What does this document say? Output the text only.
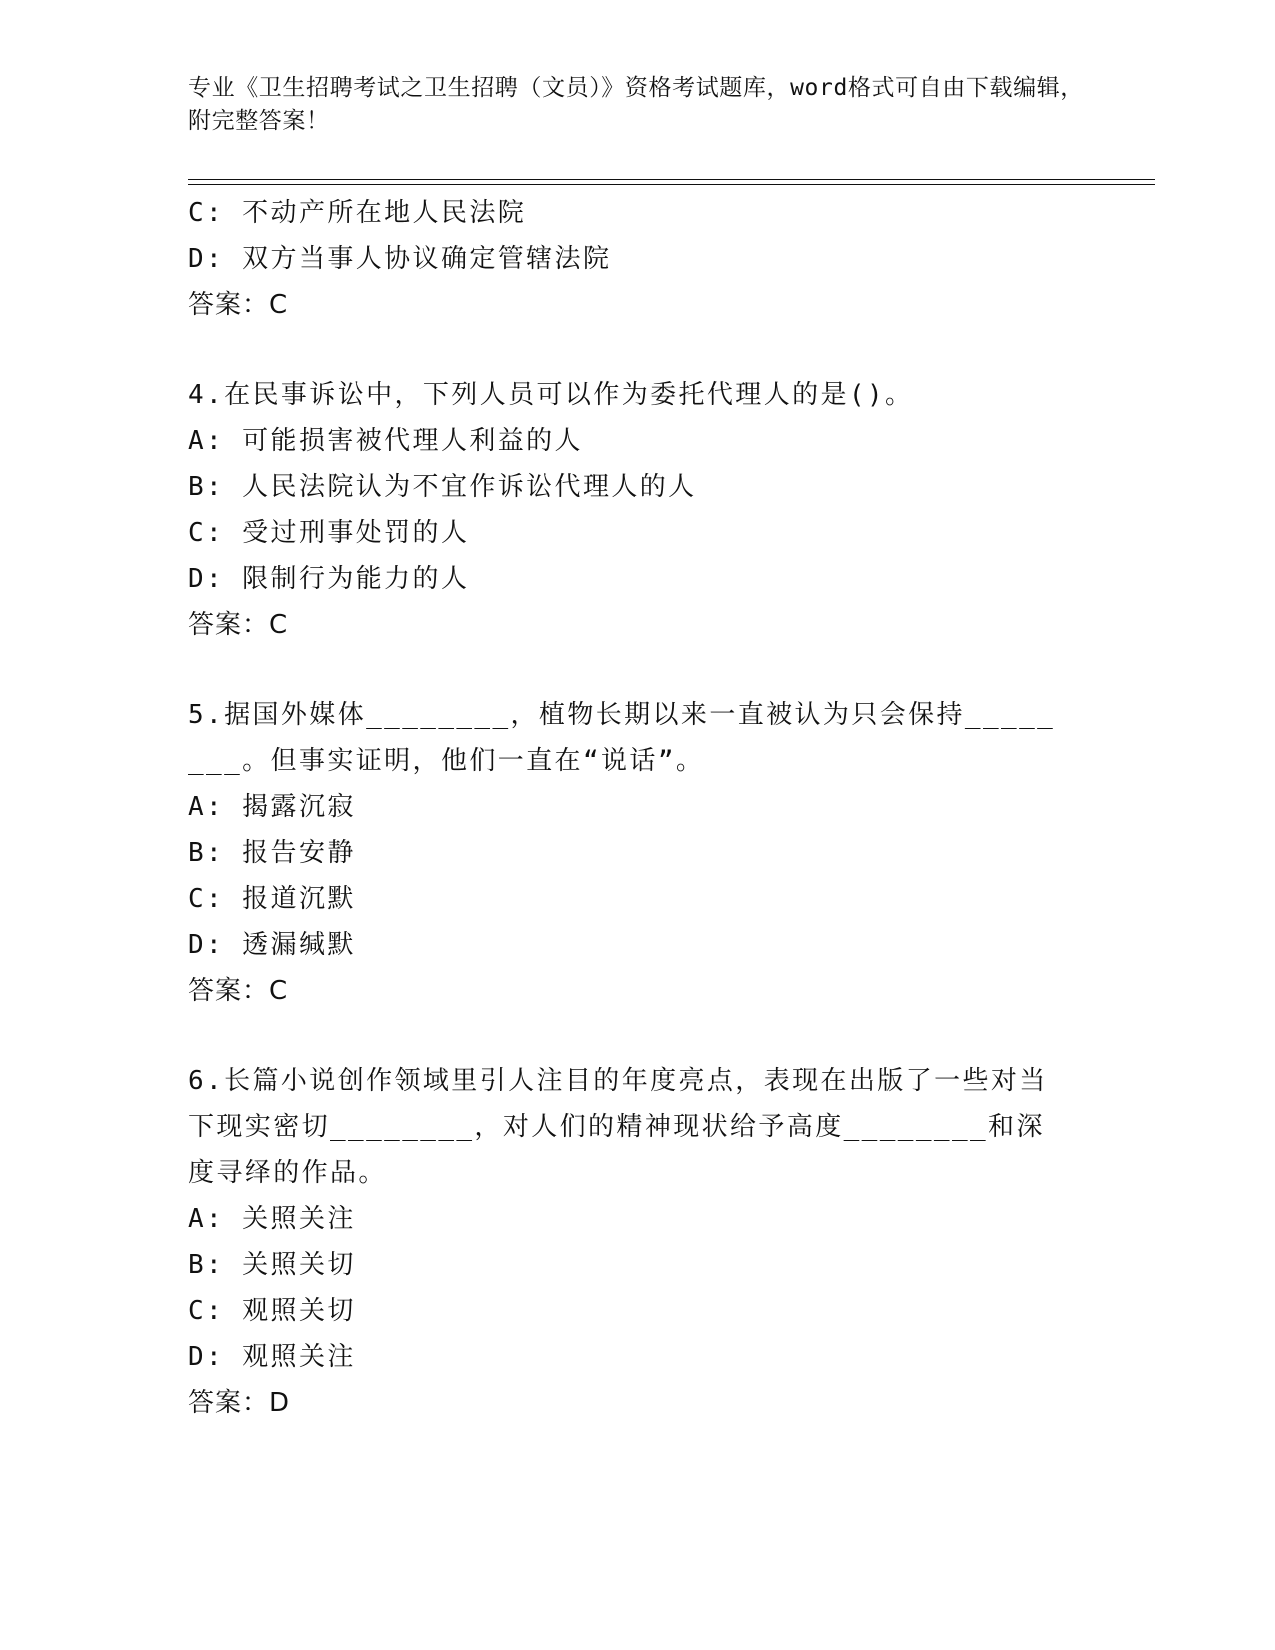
专业《卫生招聘考试之卫生招聘（文员）》资格考试题库，word格式可自由下载编辑，附完整答案！
C: 不动产所在地人民法院
D: 双方当事人协议确定管辖法院
答案：C
4.在民事诉讼中，下列人员可以作为委托代理人的是()。
A: 可能损害被代理人利益的人
B: 人民法院认为不宜作诉讼代理人的人
C: 受过刑事处罚的人
D: 限制行为能力的人
答案：C
5.据国外媒体________，植物长期以来一直被认为只会保持________。但事实证明，他们一直在“说话”。
A: 揭露沉寂
B: 报告安静
C: 报道沉默
D: 透漏缄默
答案：C
6.长篇小说创作领域里引人注目的年度亮点，表现在出版了一些对当下现实密切________，对人们的精神现状给予高度________和深度寻绎的作品。
A: 关照关注
B: 关照关切
C: 观照关切
D: 观照关注
答案：D
